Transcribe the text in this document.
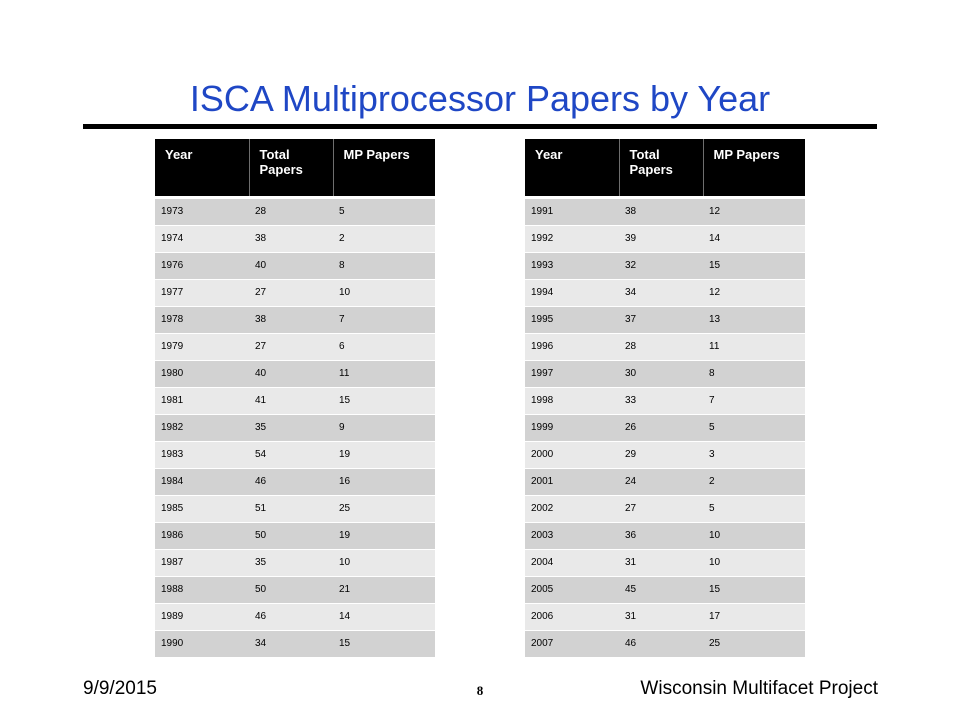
ISCA Multiprocessor Papers by Year
Year	Total Papers	MP Papers

1973	28	5
1974	38	2
1976	40	8
1977	27	10
1978	38	7
1979	27	6
1980	40	11
1981	41	15
1982	35	9
1983	54	19
1984	46	16
1985	51	25
1986	50	19
1987	35	10
1988	50	21
1989	46	14
1990	34	15
Year	Total Papers	MP Papers

1991	38	12
1992	39	14
1993	32	15
1994	34	12
1995	37	13
1996	28	11
1997	30	8
1998	33	7
1999	26	5
2000	29	3
2001	24	2
2002	27	5
2003	36	10
2004	31	10
2005	45	15
2006	31	17
2007	46	25
9/9/2015	8	Wisconsin Multifacet Project
